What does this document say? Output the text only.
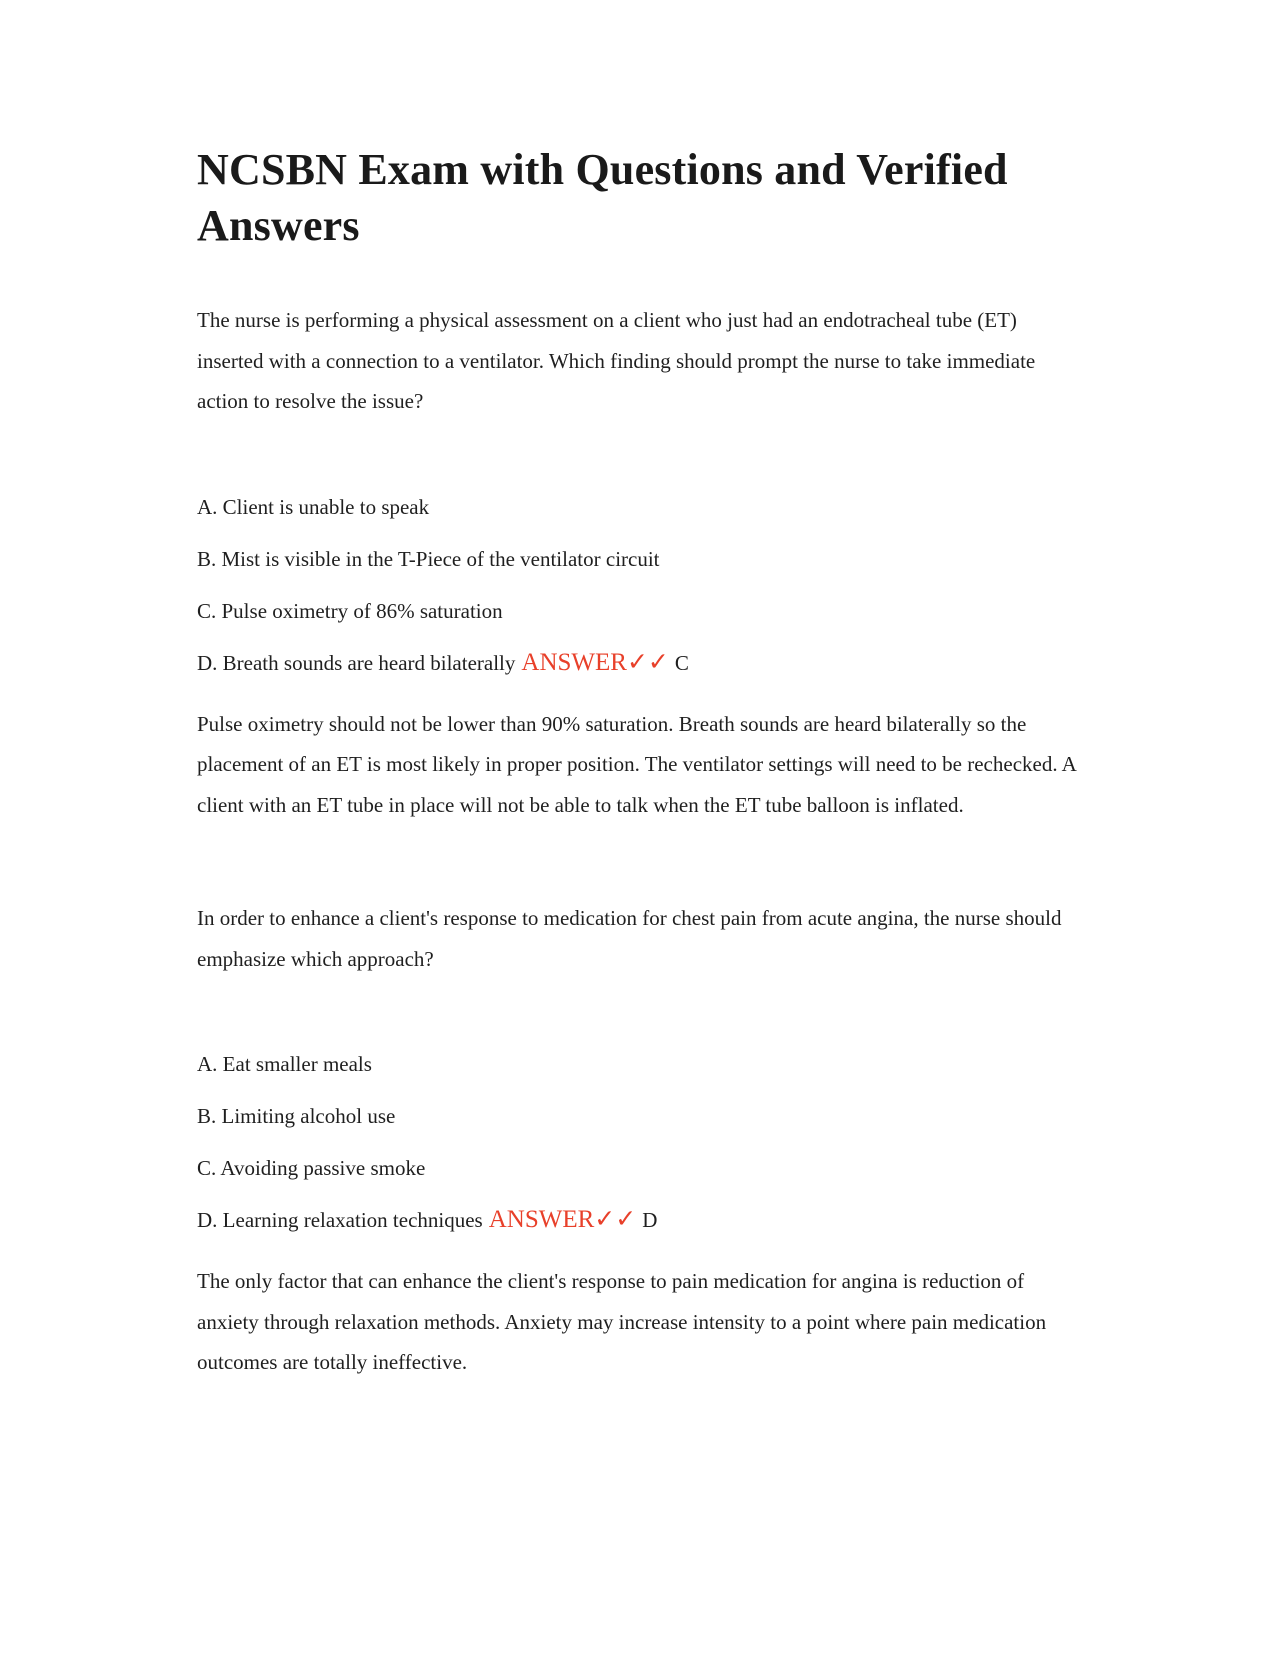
NCSBN Exam with Questions and Verified Answers

The nurse is performing a physical assessment on a client who just had an endotracheal tube (ET) inserted with a connection to a ventilator. Which finding should prompt the nurse to take immediate action to resolve the issue?

A. Client is unable to speak

B. Mist is visible in the T-Piece of the ventilator circuit

C. Pulse oximetry of 86% saturation

D. Breath sounds are heard bilaterally ANSWER✓✓ C

Pulse oximetry should not be lower than 90% saturation. Breath sounds are heard bilaterally so the placement of an ET is most likely in proper position. The ventilator settings will need to be rechecked. A client with an ET tube in place will not be able to talk when the ET tube balloon is inflated.

In order to enhance a client's response to medication for chest pain from acute angina, the nurse should emphasize which approach?

A. Eat smaller meals

B. Limiting alcohol use

C. Avoiding passive smoke

D. Learning relaxation techniques ANSWER✓✓ D

The only factor that can enhance the client's response to pain medication for angina is reduction of anxiety through relaxation methods. Anxiety may increase intensity to a point where pain medication outcomes are totally ineffective.
